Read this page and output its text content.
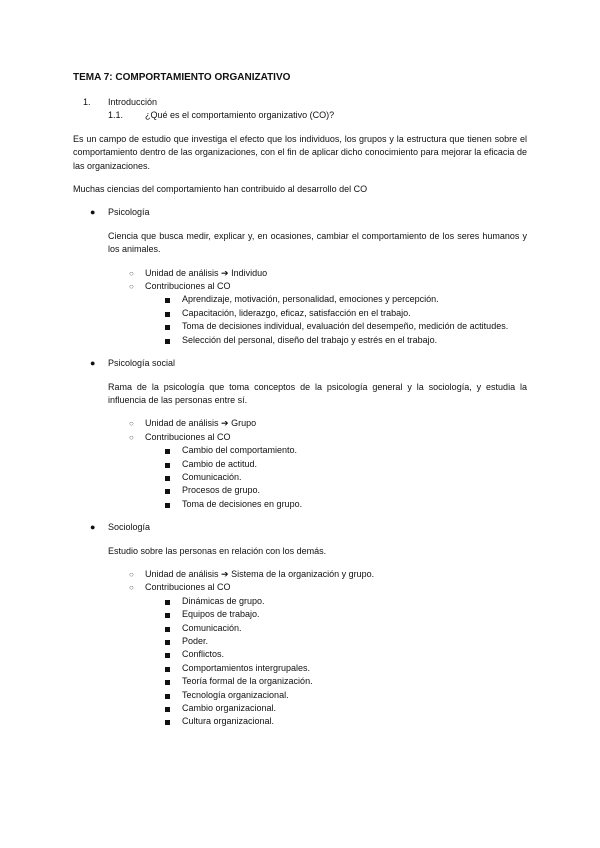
TEMA 7: COMPORTAMIENTO ORGANIZATIVO
1. Introducción
1.1. ¿Qué es el comportamiento organizativo (CO)?

Es un campo de estudio que investiga el efecto que los individuos, los grupos y la estructura que tienen sobre el comportamiento dentro de las organizaciones, con el fin de aplicar dicho conocimiento para mejorar la eficacia de las organizaciones.

Muchas ciencias del comportamiento han contribuido al desarrollo del CO

● Psicología
Ciencia que busca medir, explicar y, en ocasiones, cambiar el comportamiento de los seres humanos y los animales.
○ Unidad de análisis ➔ Individuo
○ Contribuciones al CO
Aprendizaje, motivación, personalidad, emociones y percepción.
Capacitación, liderazgo, eficaz, satisfacción en el trabajo.
Toma de decisiones individual, evaluación del desempeño, medición de actitudes.
Selección del personal, diseño del trabajo y estrés en el trabajo.
● Psicología social
Rama de la psicología que toma conceptos de la psicología general y la sociología, y estudia la influencia de las personas entre sí.
○ Unidad de análisis ➔ Grupo
○ Contribuciones al CO
Cambio del comportamiento.
Cambio de actitud.
Comunicación.
Procesos de grupo.
Toma de decisiones en grupo.
● Sociología
Estudio sobre las personas en relación con los demás.
○ Unidad de análisis ➔ Sistema de la organización y grupo.
○ Contribuciones al CO
Dinámicas de grupo.
Equipos de trabajo.
Comunicación.
Poder.
Conflictos.
Comportamientos intergrupales.
Teoría formal de la organización.
Tecnología organizacional.
Cambio organizacional.
Cultura organizacional.
